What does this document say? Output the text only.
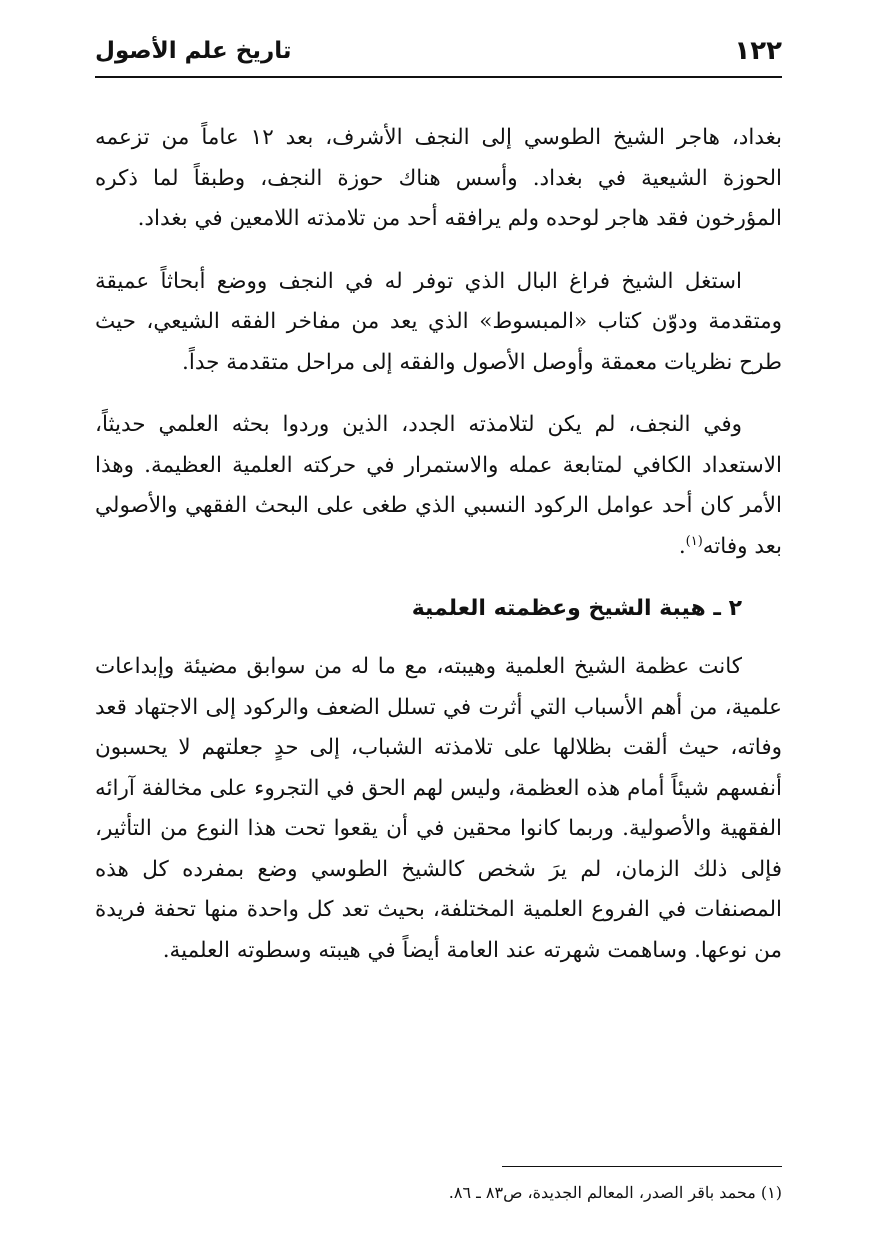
١٢٢
تاريخ علم الأصول

بغداد، هاجر الشيخ الطوسي إلى النجف الأشرف، بعد ١٢ عاماً من تزعمه الحوزة الشيعية في بغداد. وأسس هناك حوزة النجف، وطبقاً لما ذكره المؤرخون فقد هاجر لوحده ولم يرافقه أحد من تلامذته اللامعين في بغداد.

استغل الشيخ فراغ البال الذي توفر له في النجف ووضع أبحاثاً عميقة ومتقدمة ودوّن كتاب «المبسوط» الذي يعد من مفاخر الفقه الشيعي، حيث طرح نظريات معمقة وأوصل الأصول والفقه إلى مراحل متقدمة جداً.

وفي النجف، لم يكن لتلامذته الجدد، الذين وردوا بحثه العلمي حديثاً، الاستعداد الكافي لمتابعة عمله والاستمرار في حركته العلمية العظيمة. وهذا الأمر كان أحد عوامل الركود النسبي الذي طغى على البحث الفقهي والأصولي بعد وفاته$^{(١)}$.

٢ ـ هيبة الشيخ وعظمته العلمية

كانت عظمة الشيخ العلمية وهيبته، مع ما له من سوابق مضيئة وإبداعات علمية، من أهم الأسباب التي أثرت في تسلل الضعف والركود إلى الاجتهاد قعد وفاته، حيث ألقت بظلالها على تلامذته الشباب، إلى حدٍ جعلتهم لا يحسبون أنفسهم شيئاً أمام هذه العظمة، وليس لهم الحق في التجروء على مخالفة آرائه الفقهية والأصولية. وربما كانوا محقين في أن يقعوا تحت هذا النوع من التأثير، فإلى ذلك الزمان، لم يرَ شخص كالشيخ الطوسي وضع بمفرده كل هذه المصنفات في الفروع العلمية المختلفة، بحيث تعد كل واحدة منها تحفة فريدة من نوعها. وساهمت شهرته عند العامة أيضاً في هيبته وسطوته العلمية.

(١) محمد باقر الصدر، المعالم الجديدة، ص٨٣ ـ ٨٦.
